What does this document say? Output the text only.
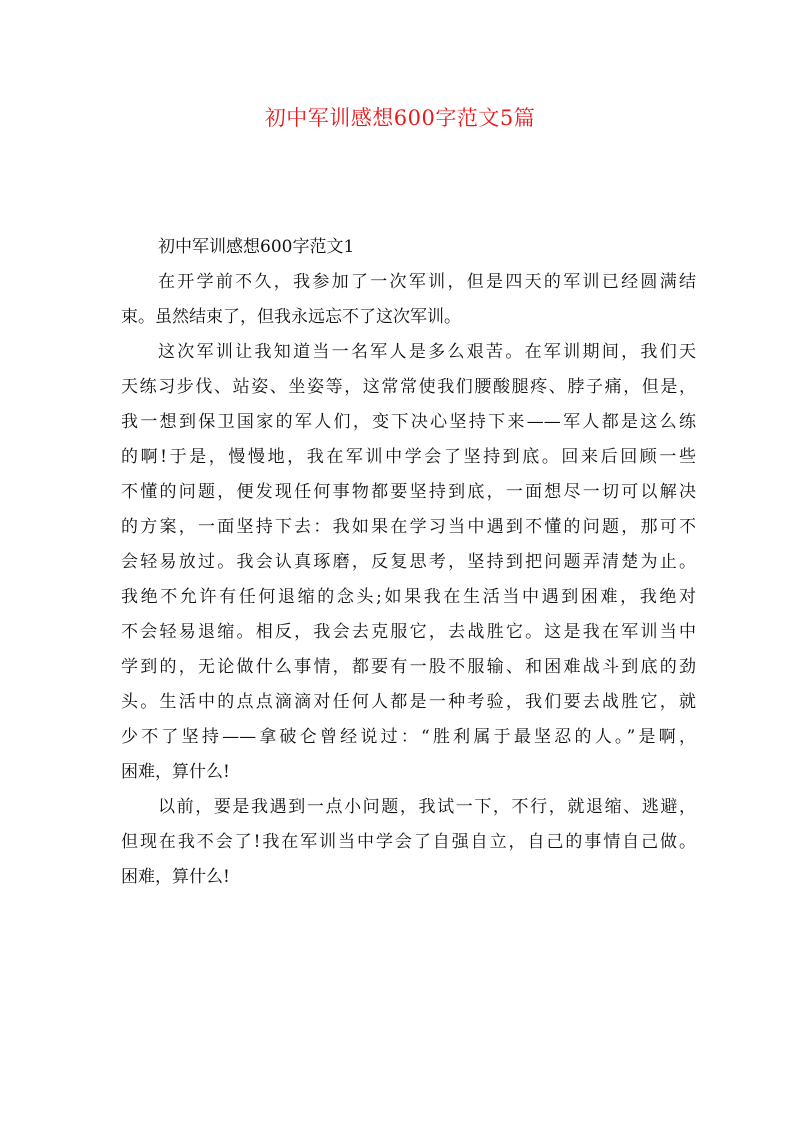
初中军训感想600字范文5篇
初中军训感想600字范文1
在开学前不久，我参加了一次军训，但是四天的军训已经圆满结
束。虽然结束了，但我永远忘不了这次军训。
这次军训让我知道当一名军人是多么艰苦。在军训期间，我们天
天练习步伐、站姿、坐姿等，这常常使我们腰酸腿疼、脖子痛，但是，
我一想到保卫国家的军人们，变下决心坚持下来——军人都是这么练
的啊!于是，慢慢地，我在军训中学会了坚持到底。回来后回顾一些
不懂的问题，便发现任何事物都要坚持到底，一面想尽一切可以解决
的方案，一面坚持下去：我如果在学习当中遇到不懂的问题，那可不
会轻易放过。我会认真琢磨，反复思考，坚持到把问题弄清楚为止。
我绝不允许有任何退缩的念头;如果我在生活当中遇到困难，我绝对
不会轻易退缩。相反，我会去克服它，去战胜它。这是我在军训当中
学到的，无论做什么事情，都要有一股不服输、和困难战斗到底的劲
头。生活中的点点滴滴对任何人都是一种考验，我们要去战胜它，就
少不了坚持——拿破仑曾经说过：“胜利属于最坚忍的人。”是啊，
困难，算什么!
以前，要是我遇到一点小问题，我试一下，不行，就退缩、逃避，
但现在我不会了!我在军训当中学会了自强自立，自己的事情自己做。
困难，算什么!
